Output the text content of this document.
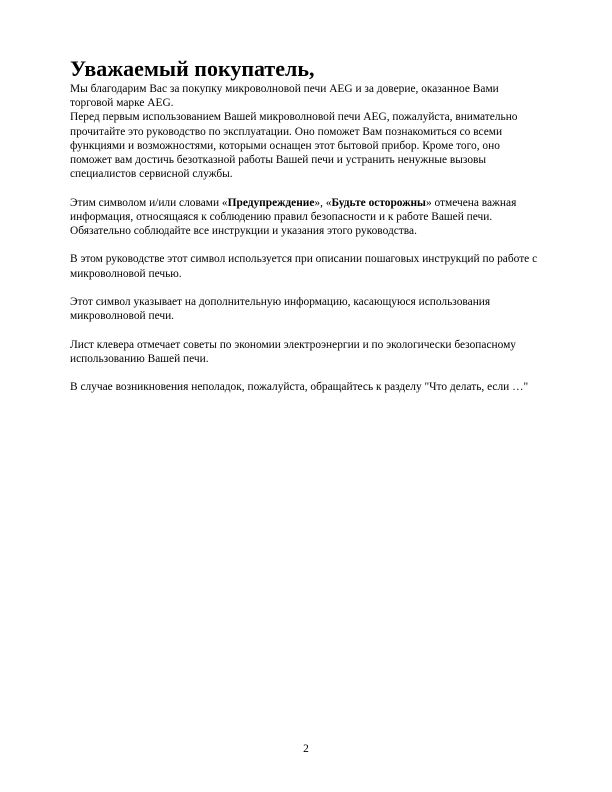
Уважаемый покупатель,

Мы благодарим Вас за покупку микроволновой печи AEG и за доверие, оказанное Вами

торговой марке AEG.

Перед первым использованием Вашей микроволновой печи AEG, пожалуйста, внимательно

прочитайте это руководство по эксплуатации. Оно поможет Вам познакомиться со всеми

функциями и возможностями, которыми оснащен этот бытовой прибор. Кроме того, оно

поможет вам достичь безотказной работы Вашей печи и устранить ненужные вызовы

специалистов сервисной службы.

Этим символом и/или словами «Предупреждение», «Будьте осторожны» отмечена важная

информация, относящаяся к соблюдению правил безопасности и к работе Вашей печи.

Обязательно соблюдайте все инструкции и указания этого руководства.

В этом руководстве этот символ используется при описании пошаговых инструкций по работе с

микроволновой печью.

Этот символ указывает на дополнительную информацию, касающуюся использования

микроволновой печи.

Лист клевера отмечает советы по экономии электроэнергии и по экологически безопасному

использованию Вашей печи.

В случае возникновения неполадок, пожалуйста, обращайтесь к разделу "Что делать, если …"

2
